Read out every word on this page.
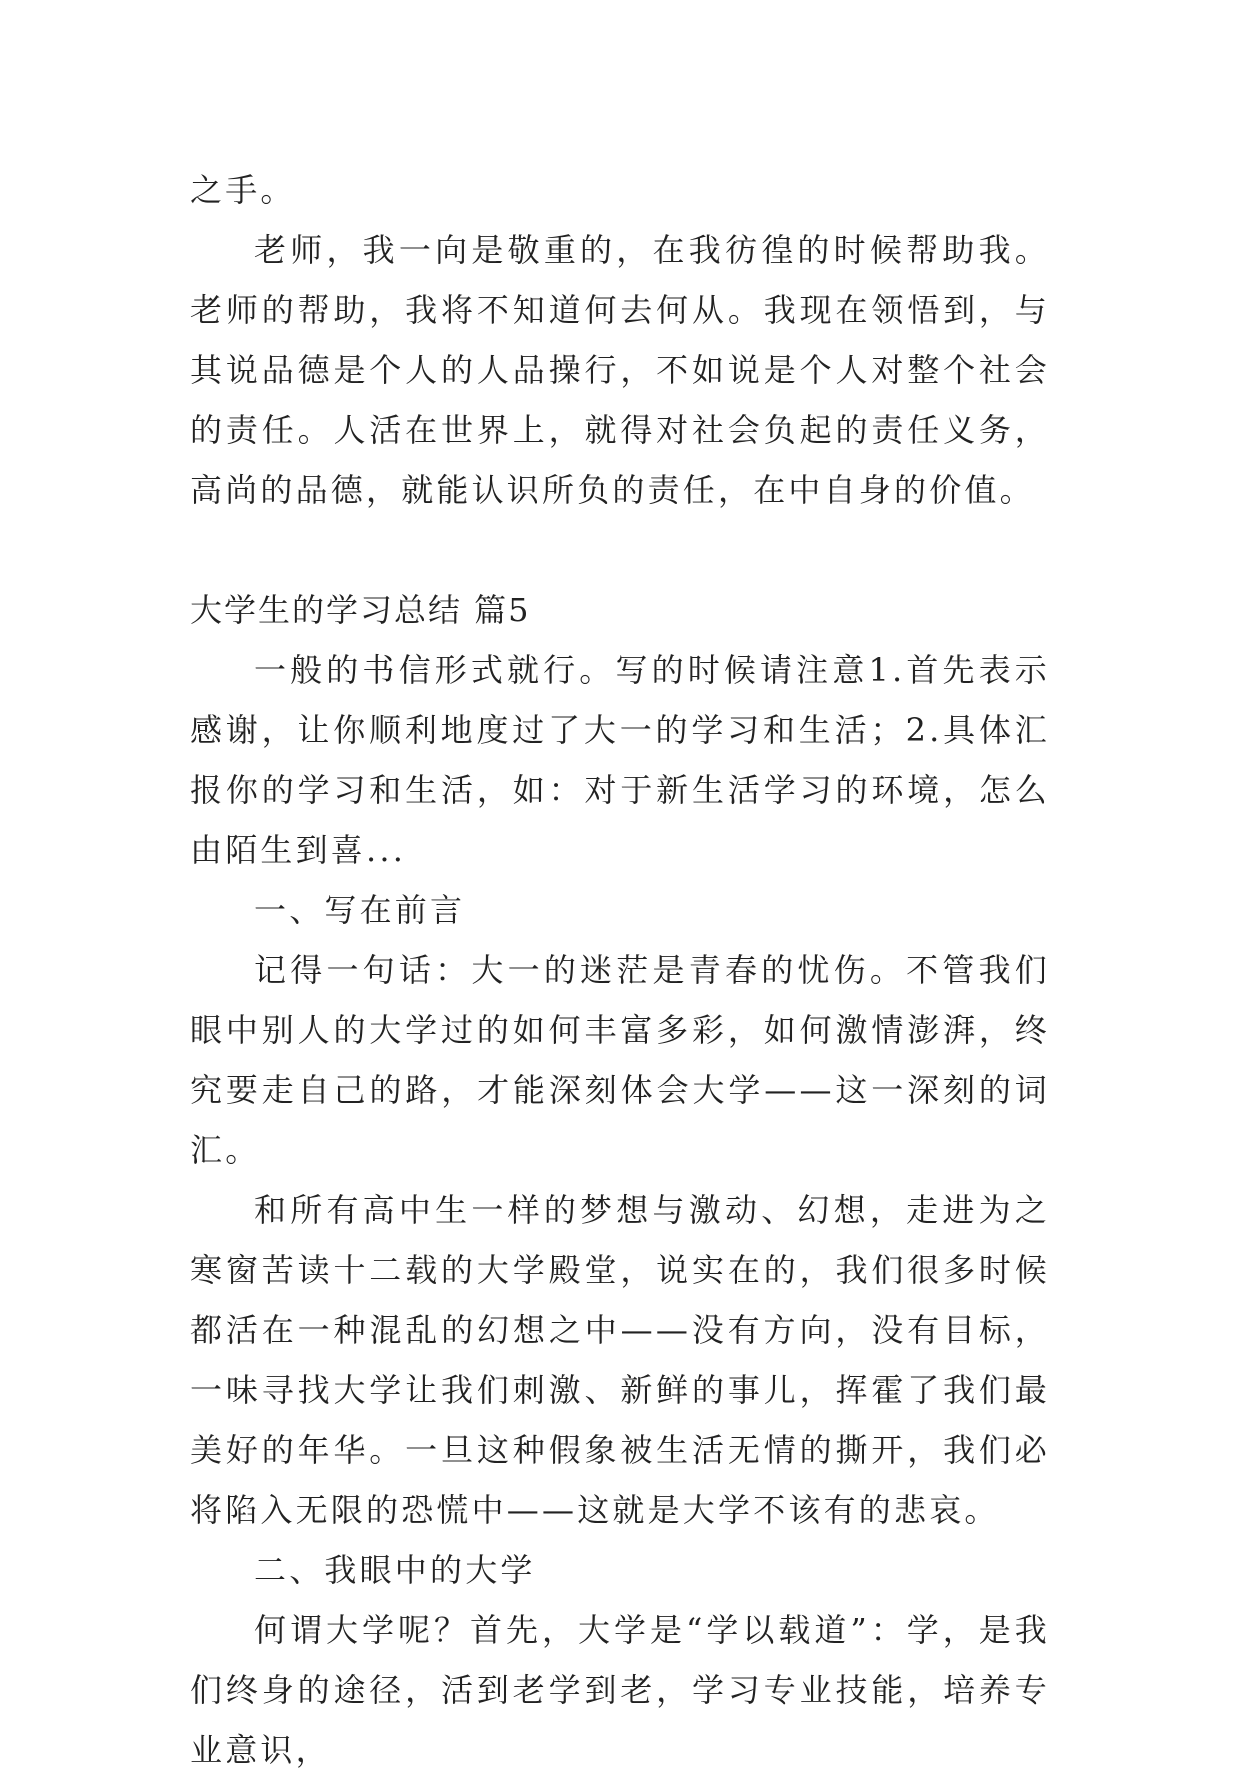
之手。

老师，我一向是敬重的，在我彷徨的时候帮助我。老师的帮助，我将不知道何去何从。我现在领悟到，与其说品德是个人的人品操行，不如说是个人对整个社会的责任。人活在世界上，就得对社会负起的责任义务，高尚的品德，就能认识所负的责任，在中自身的价值。

大学生的学习总结 篇5

一般的书信形式就行。写的时候请注意1.首先表示感谢，让你顺利地度过了大一的学习和生活；2.具体汇报你的学习和生活，如：对于新生活学习的环境，怎么由陌生到喜...

一、写在前言

记得一句话：大一的迷茫是青春的忧伤。不管我们眼中别人的大学过的如何丰富多彩，如何激情澎湃，终究要走自己的路，才能深刻体会大学——这一深刻的词汇。

和所有高中生一样的梦想与激动、幻想，走进为之寒窗苦读十二载的大学殿堂，说实在的，我们很多时候都活在一种混乱的幻想之中——没有方向，没有目标，一味寻找大学让我们刺激、新鲜的事儿，挥霍了我们最美好的年华。一旦这种假象被生活无情的撕开，我们必将陷入无限的恐慌中——这就是大学不该有的悲哀。

二、我眼中的大学

何谓大学呢？首先，大学是“学以载道”：学，是我们终身的途径，活到老学到老，学习专业技能，培养专业意识，
